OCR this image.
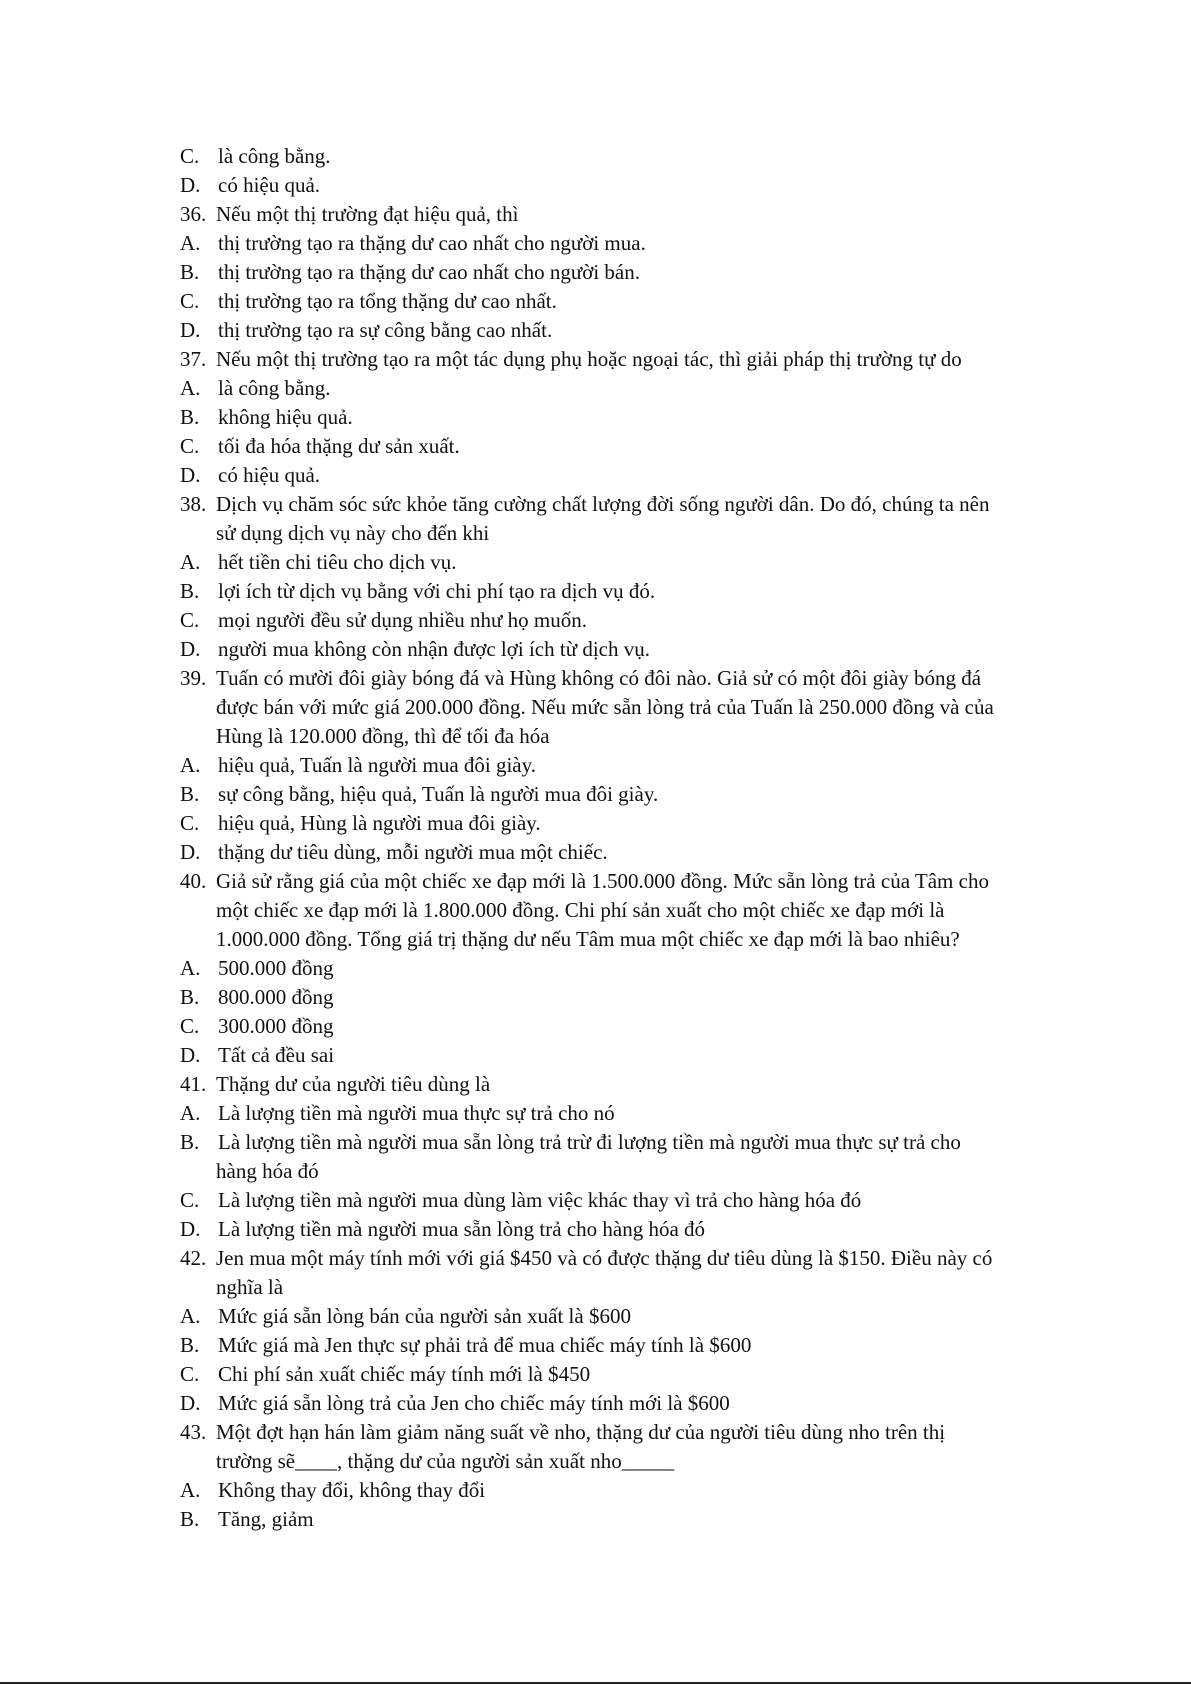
C. là công bằng.
D. có hiệu quả.
36. Nếu một thị trường đạt hiệu quả, thì
A. thị trường tạo ra thặng dư cao nhất cho người mua.
B. thị trường tạo ra thặng dư cao nhất cho người bán.
C. thị trường tạo ra tổng thặng dư cao nhất.
D. thị trường tạo ra sự công bằng cao nhất.
37. Nếu một thị trường tạo ra một tác dụng phụ hoặc ngoại tác, thì giải pháp thị trường tự do
A. là công bằng.
B. không hiệu quả.
C. tối đa hóa thặng dư sản xuất.
D. có hiệu quả.
38. Dịch vụ chăm sóc sức khỏe tăng cường chất lượng đời sống người dân. Do đó, chúng ta nên
sử dụng dịch vụ này cho đến khi
A. hết tiền chi tiêu cho dịch vụ.
B. lợi ích từ dịch vụ bằng với chi phí tạo ra dịch vụ đó.
C. mọi người đều sử dụng nhiều như họ muốn.
D. người mua không còn nhận được lợi ích từ dịch vụ.
39. Tuấn có mười đôi giày bóng đá và Hùng không có đôi nào. Giả sử có một đôi giày bóng đá
được bán với mức giá 200.000 đồng. Nếu mức sẵn lòng trả của Tuấn là 250.000 đồng và của
Hùng là 120.000 đồng, thì để tối đa hóa
A. hiệu quả, Tuấn là người mua đôi giày.
B. sự công bằng, hiệu quả, Tuấn là người mua đôi giày.
C. hiệu quả, Hùng là người mua đôi giày.
D. thặng dư tiêu dùng, mỗi người mua một chiếc.
40. Giả sử rằng giá của một chiếc xe đạp mới là 1.500.000 đồng. Mức sẵn lòng trả của Tâm cho
một chiếc xe đạp mới là 1.800.000 đồng. Chi phí sản xuất cho một chiếc xe đạp mới là
1.000.000 đồng. Tổng giá trị thặng dư nếu Tâm mua một chiếc xe đạp mới là bao nhiêu?
A. 500.000 đồng
B. 800.000 đồng
C. 300.000 đồng
D. Tất cả đều sai
41. Thặng dư của người tiêu dùng là
A. Là lượng tiền mà người mua thực sự trả cho nó
B. Là lượng tiền mà người mua sẵn lòng trả trừ đi lượng tiền mà người mua thực sự trả cho
hàng hóa đó
C. Là lượng tiền mà người mua dùng làm việc khác thay vì trả cho hàng hóa đó
D. Là lượng tiền mà người mua sẵn lòng trả cho hàng hóa đó
42. Jen mua một máy tính mới với giá $450 và có được thặng dư tiêu dùng là $150. Điều này có
nghĩa là
A. Mức giá sẵn lòng bán của người sản xuất là $600
B. Mức giá mà Jen thực sự phải trả để mua chiếc máy tính là $600
C. Chi phí sản xuất chiếc máy tính mới là $450
D. Mức giá sẵn lòng trả của Jen cho chiếc máy tính mới là $600
43. Một đợt hạn hán làm giảm năng suất về nho, thặng dư của người tiêu dùng nho trên thị
trường sẽ____, thặng dư của người sản xuất nho_____
A. Không thay đổi, không thay đổi
B. Tăng, giảm
